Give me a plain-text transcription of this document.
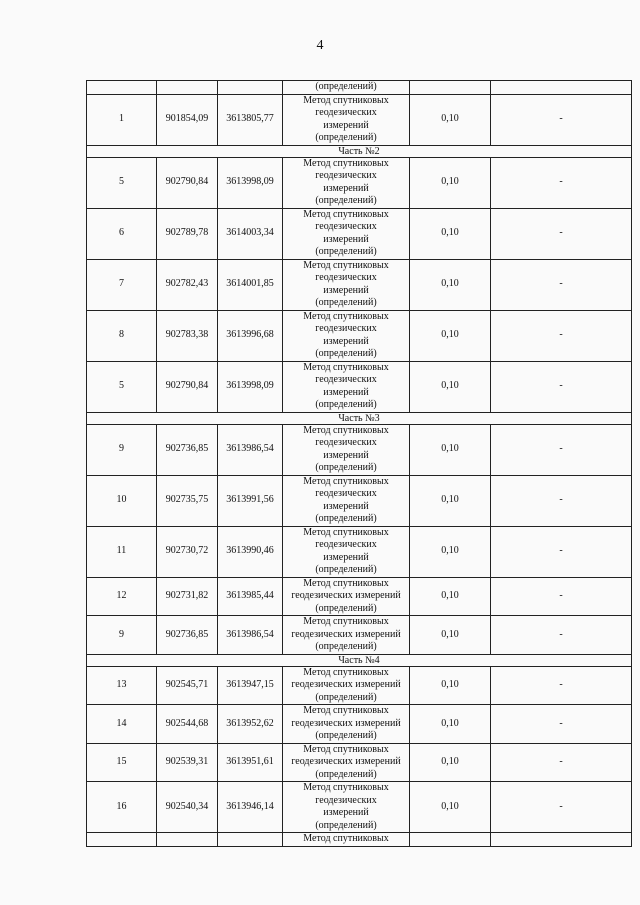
4
			(определений)		
1	901854,09	3613805,77	Метод спутниковых
геодезических
измерений
(определений)	0,10	-
Часть №2					
5	902790,84	3613998,09	Метод спутниковых
геодезических
измерений
(определений)	0,10	-
6	902789,78	3614003,34	Метод спутниковых
геодезических
измерений
(определений)	0,10	-
7	902782,43	3614001,85	Метод спутниковых
геодезических
измерений
(определений)	0,10	-
8	902783,38	3613996,68	Метод спутниковых
геодезических
измерений
(определений)	0,10	-
5	902790,84	3613998,09	Метод спутниковых
геодезических
измерений
(определений)	0,10	-
Часть №3					
9	902736,85	3613986,54	Метод спутниковых
геодезических
измерений
(определений)	0,10	-
10	902735,75	3613991,56	Метод спутниковых
геодезических
измерений
(определений)	0,10	-
11	902730,72	3613990,46	Метод спутниковых
геодезических
измерений
(определений)	0,10	-
12	902731,82	3613985,44	Метод спутниковых
геодезических измерений
(определений)	0,10	-
9	902736,85	3613986,54	Метод спутниковых
геодезических измерений
(определений)	0,10	-
Часть №4					
13	902545,71	3613947,15	Метод спутниковых
геодезических измерений
(определений)	0,10	-
14	902544,68	3613952,62	Метод спутниковых
геодезических измерений
(определений)	0,10	-
15	902539,31	3613951,61	Метод спутниковых
геодезических измерений
(определений)	0,10	-
16	902540,34	3613946,14	Метод спутниковых
геодезических
измерений
(определений)	0,10	-
			Метод спутниковых		
